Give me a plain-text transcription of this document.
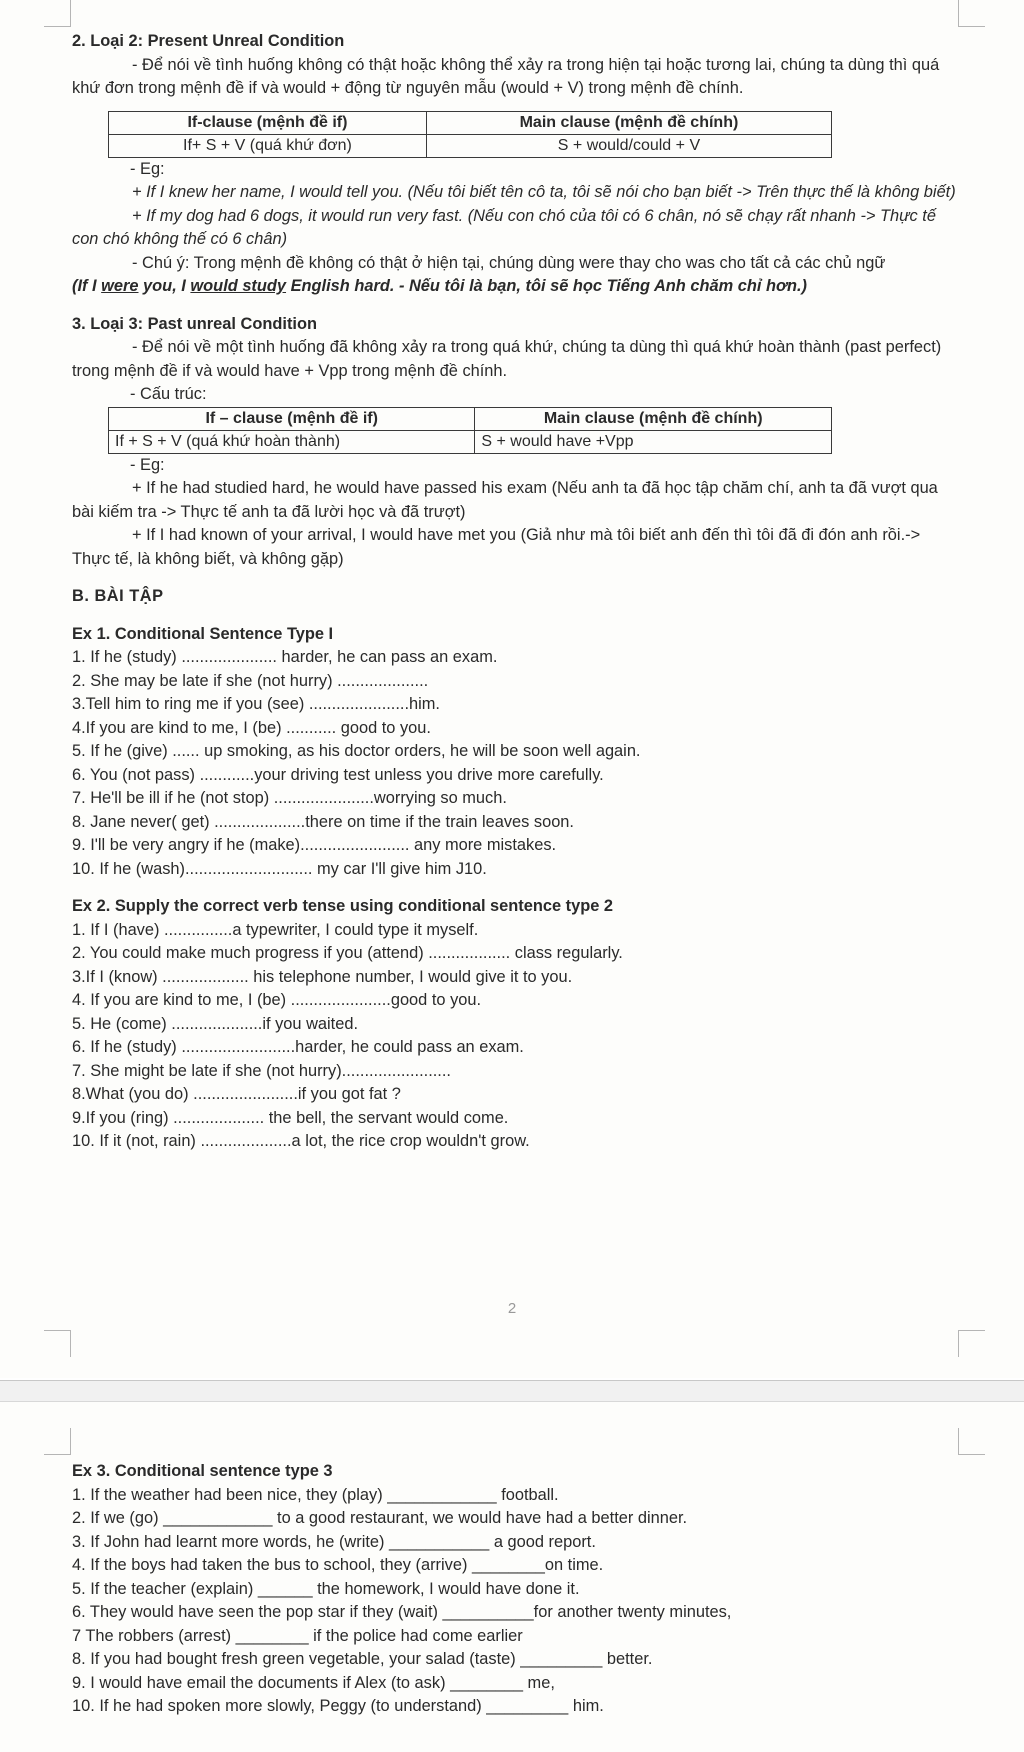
2. Loại 2: Present Unreal Condition

- Để nói về tình huống không có thật hoặc không thể xảy ra trong hiện tại hoặc tương lai, chúng ta dùng thì quá khứ đơn trong mệnh đề if và would + động từ nguyên mẫu (would + V) trong mệnh đề chính.

If-clause (mệnh đề if)	Main clause (mệnh đề chính)
If+ S + V (quá khứ đơn)	S + would/could + V

- Eg:

+ If I knew her name, I would tell you. (Nếu tôi biết tên cô ta, tôi sẽ nói cho bạn biết -> Trên thực thế là không biết)

+ If my dog had 6 dogs, it would run very fast. (Nếu con chó của tôi có 6 chân, nó sẽ chạy rất nhanh -> Thực tế con chó không thế có 6 chân)

- Chú ý: Trong mệnh đề không có thật ở hiện tại, chúng dùng were thay cho was cho tất cả các chủ ngữ

(If I were you, I would study English hard. - Nếu tôi là bạn, tôi sẽ học Tiếng Anh chăm chỉ hơn.)

3. Loại 3: Past unreal Condition

- Để nói về một tình huống đã không xảy ra trong quá khứ, chúng ta dùng thì quá khứ hoàn thành (past perfect) trong mệnh đề if và would have + Vpp trong mệnh đề chính.

- Cấu trúc:

If – clause (mệnh đề if)	Main clause (mệnh đề chính)
If + S + V (quá khứ hoàn thành)	S + would have +Vpp

- Eg:

+ If he had studied hard, he would have passed his exam (Nếu anh ta đã học tập chăm chí, anh ta đã vượt qua bài kiếm tra -> Thực tế anh ta đã lười học và đã trượt)

+ If I had known of your arrival, I would have met you (Giả như mà tôi biết anh đến thì tôi đã đi đón anh rồi.-> Thực tế, là không biết, và không gặp)

B. BÀI TẬP

Ex 1. Conditional Sentence Type I

1. If he (study) ..................... harder, he can pass an exam.

2. She may be late if she (not hurry) ....................

3.Tell him to ring me if you (see) ......................him.

4.If you are kind to me, I (be) ........... good to you.

5. If he (give) ...... up smoking, as his doctor orders, he will be soon well again.

6. You (not pass) ............your driving test unless you drive more carefully.

7. He'll be ill if he (not stop) ......................worrying so much.

8. Jane never( get) ....................there on time if the train leaves soon.

9. I'll be very angry if he (make)........................ any more mistakes.

10. If he (wash)............................ my car I'll give him J10.

Ex 2. Supply the correct verb tense using conditional sentence type 2

1. If I (have) ...............a typewriter, I could type it myself.

2. You could make much progress if you (attend) .................. class regularly.

3.If I (know) ................... his telephone number, I would give it to you.

4. If you are kind to me, I (be) ......................good to you.

5. He (come) ....................if you waited.

6. If he (study) .........................harder, he could pass an exam.

7. She might be late if she (not hurry)........................

8.What (you do) .......................if you got fat ?

9.If you (ring) .................... the bell, the servant would come.

10. If it (not, rain) ....................a lot, the rice crop wouldn't grow.

2

Ex 3. Conditional sentence type 3

1. If the weather had been nice, they (play) ____________ football.

2. If we (go) ____________ to a good restaurant, we would have had a better dinner.

3. If John had learnt more words, he (write) ___________ a good report.

4. If the boys had taken the bus to school, they (arrive) ________on time.

5. If the teacher (explain) ______ the homework, I would have done it.

6. They would have seen the pop star if they (wait) __________for another twenty minutes,

7 The robbers (arrest) ________ if the police had come earlier

8. If you had bought fresh green vegetable, your salad (taste) _________ better.

9. I would have email the documents if Alex (to ask) ________ me,

10. If he had spoken more slowly, Peggy (to understand) _________ him.
